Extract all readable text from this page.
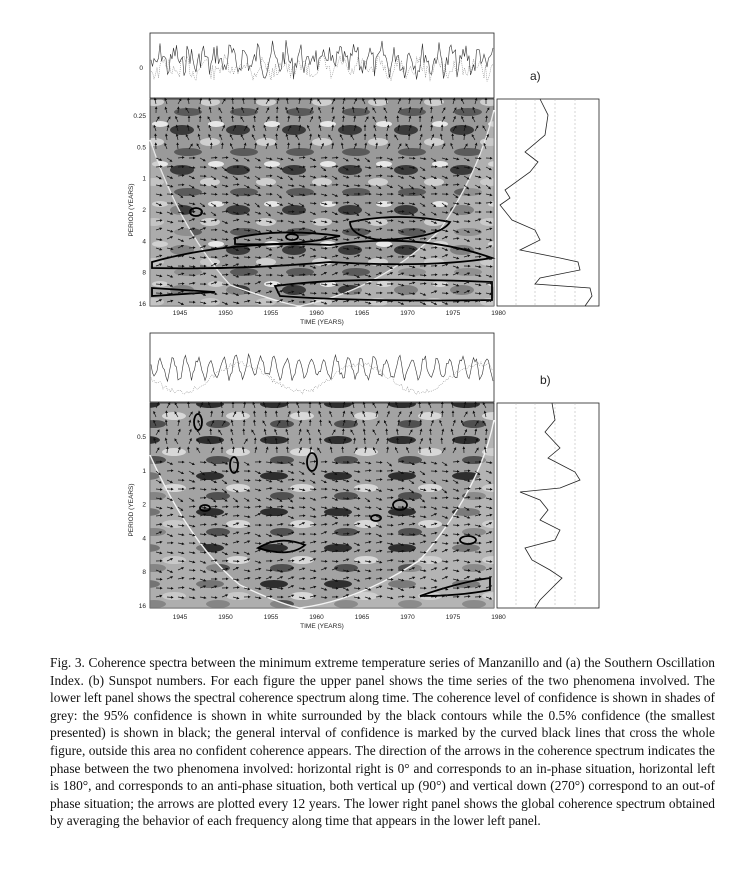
0
a)
0.25
0.5
1
2
4
8
16
1945	1950	1955	1960	1965	1970	1975	1980
PERIOD (YEARS)
TIME (YEARS)
b)
0.5
1
2
4
8
16
1945	1950	1955	1960	1965	1970	1975	1980
PERIOD (YEARS)
TIME (YEARS)
Fig. 3. Coherence spectra between the minimum extreme temperature series of Manzanillo and (a) the Southern Oscillation Index. (b) Sunspot numbers. For each figure the upper panel shows the time series of the two phenomena involved. The lower left panel shows the spectral coherence spectrum along time. The coherence level of confidence is shown in shades of grey: the 95% confidence is shown in white surrounded by the black contours while the 0.5% confidence (the smallest presented) is shown in black; the general interval of confidence is marked by the curved black lines that cross the whole figure, outside this area no confident coherence appears. The direction of the arrows in the coherence spectrum indicates the phase between the two phenomena involved: horizontal right is 0° and corresponds to an in-phase situation, horizontal left is 180°, and corresponds to an anti-phase situation, both vertical up (90°) and vertical down (270°) correspond to an out-of phase situation; the arrows are plotted every 12 years. The lower right panel shows the global coherence spectrum obtained by averaging the behavior of each frequency along time that appears in the lower left panel.
